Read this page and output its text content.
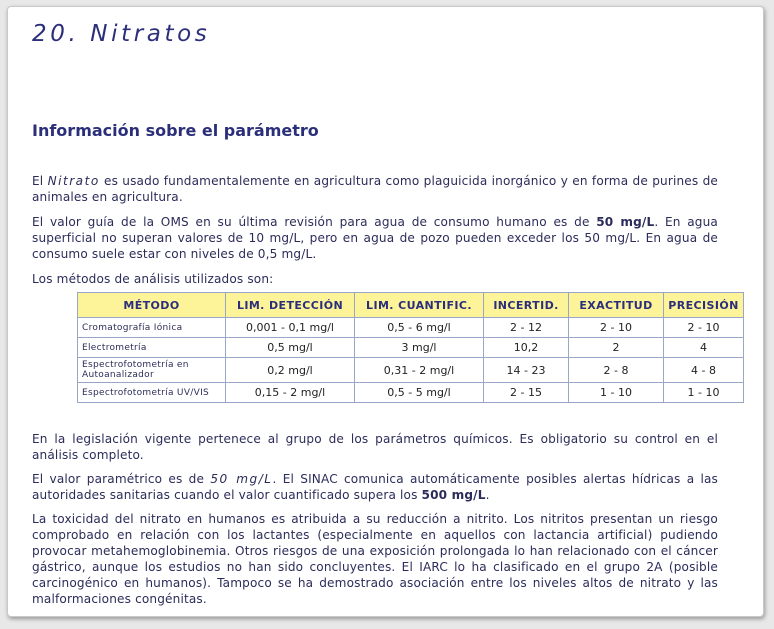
20. Nitratos
Información sobre el parámetro
El Nitrato es usado fundamentalemente en agricultura como plaguicida inorgánico y en forma de purines de animales en agricultura.
El valor guía de la OMS en su última revisión para agua de consumo humano es de 50 mg/L. En agua superficial no superan valores de 10 mg/L, pero en agua de pozo pueden exceder los 50 mg/L. En agua de consumo suele estar con niveles de 0,5 mg/L.
Los métodos de análisis utilizados son:
MÉTODO	LIM. DETECCIÓN	LIM. CUANTIFIC.	INCERTID.	EXACTITUD	PRECISIÓN
Cromatografía Iónica	0,001 - 0,1 mg/l	0,5 - 6 mg/l	2 - 12	2 - 10	2 - 10
Electrometría	0,5 mg/l	3 mg/l	10,2	2	4
Espectrofotometría en Autoanalizador	0,2 mg/l	0,31 - 2 mg/l	14 - 23	2 - 8	4 - 8
Espectrofotometría UV/VIS	0,15 - 2 mg/l	0,5 - 5 mg/l	2 - 15	1 - 10	1 - 10
En la legislación vigente pertenece al grupo de los parámetros químicos. Es obligatorio su control en el análisis completo.
El valor paramétrico es de 50 mg/L. El SINAC comunica automáticamente posibles alertas hídricas a las autoridades sanitarias cuando el valor cuantificado supera los 500 mg/L.
La toxicidad del nitrato en humanos es atribuida a su reducción a nitrito. Los nitritos presentan un riesgo comprobado en relación con los lactantes (especialmente en aquellos con lactancia artificial) pudiendo provocar metahemoglobinemia. Otros riesgos de una exposición prolongada lo han relacionado con el cáncer gástrico, aunque los estudios no han sido concluyentes. El IARC lo ha clasificado en el grupo 2A (posible carcinogénico en humanos). Tampoco se ha demostrado asociación entre los niveles altos de nitrato y las malformaciones congénitas.
